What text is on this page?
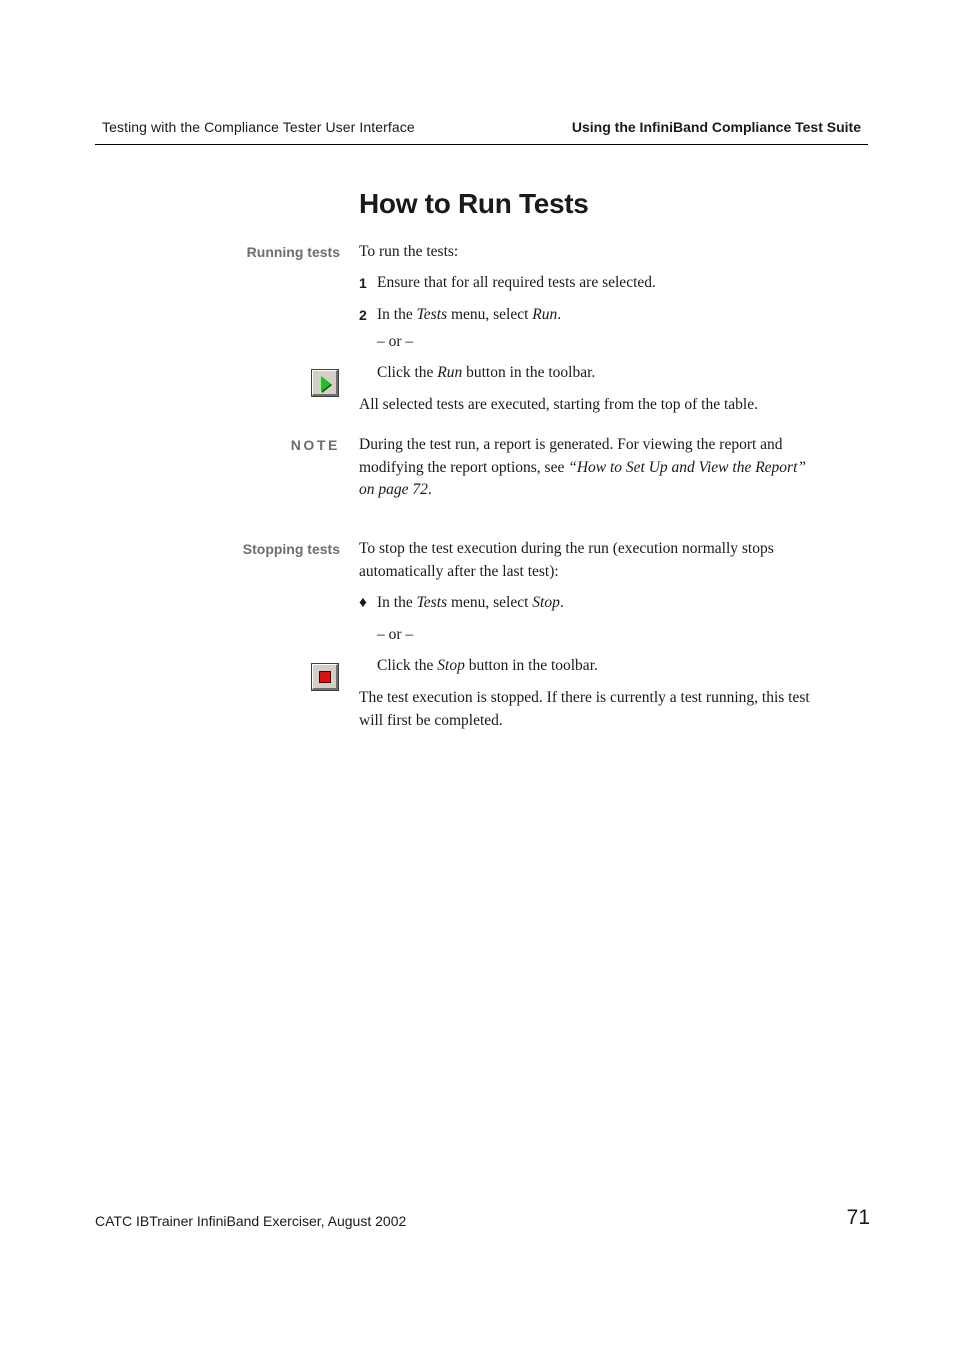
Testing with the Compliance Tester User Interface	Using the InfiniBand Compliance Test Suite
How to Run Tests
Running tests To run the tests:
1 Ensure that for all required tests are selected.
2 In the Tests menu, select Run.
– or –
Click the Run button in the toolbar.
All selected tests are executed, starting from the top of the table.
NOTE During the test run, a report is generated. For viewing the report and
modifying the report options, see “How to Set Up and View the Report”
on page 72.
Stopping tests To stop the test execution during the run (execution normally stops
automatically after the last test):
♦ In the Tests menu, select Stop.
– or –
Click the Stop button in the toolbar.
The test execution is stopped. If there is currently a test running, this test
will first be completed.
CATC IBTrainer InfiniBand Exerciser, August 2002	71
